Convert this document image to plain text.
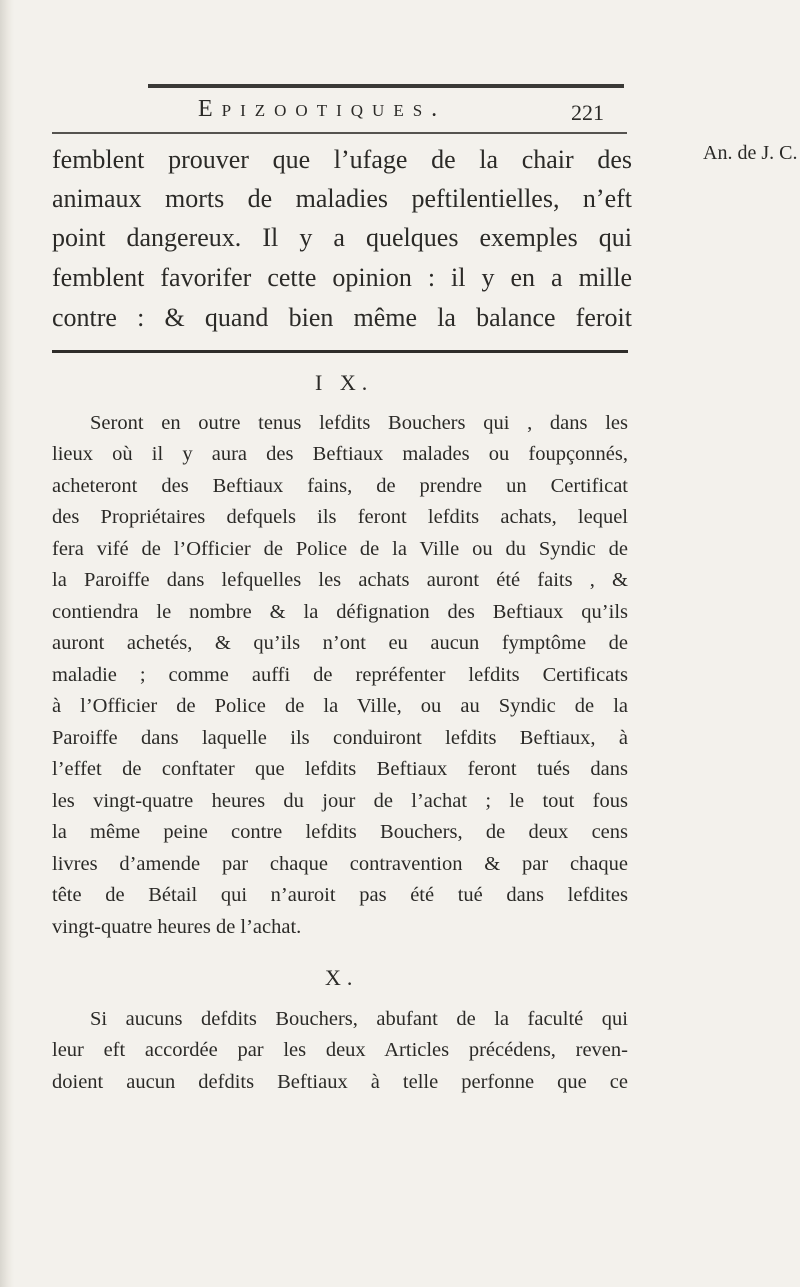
Epizootiques.	221
An. de J. C.
femblent prouver que l’ufage de la chair des
animaux morts de maladies peftilentielles, n’eft
point dangereux. Il y a quelques exemples qui
femblent favorifer cette opinion : il y en a mille
contre : & quand bien même la balance feroit
I X.
Seront en outre tenus lefdits Bouchers qui , dans les
lieux où il y aura des Beftiaux malades ou foupçonnés,
acheteront des Beftiaux fains, de prendre un Certificat
des Propriétaires defquels ils feront lefdits achats, lequel
fera vifé de l’Officier de Police de la Ville ou du Syndic de
la Paroiffe dans lefquelles les achats auront été faits , &
contiendra le nombre & la défignation des Beftiaux qu’ils
auront achetés, & qu’ils n’ont eu aucun fymptôme de
maladie ; comme auffi de repréfenter lefdits Certificats
à l’Officier de Police de la Ville, ou au Syndic de la
Paroiffe dans laquelle ils conduiront lefdits Beftiaux, à
l’effet de conftater que lefdits Beftiaux feront tués dans
les vingt-quatre heures du jour de l’achat ; le tout fous
la même peine contre lefdits Bouchers, de deux cens
livres d’amende par chaque contravention & par chaque
tête de Bétail qui n’auroit pas été tué dans lefdites
vingt-quatre heures de l’achat.
X.
Si aucuns defdits Bouchers, abufant de la faculté qui
leur eft accordée par les deux Articles précédens, reven-
doient aucun defdits Beftiaux à telle perfonne que ce
